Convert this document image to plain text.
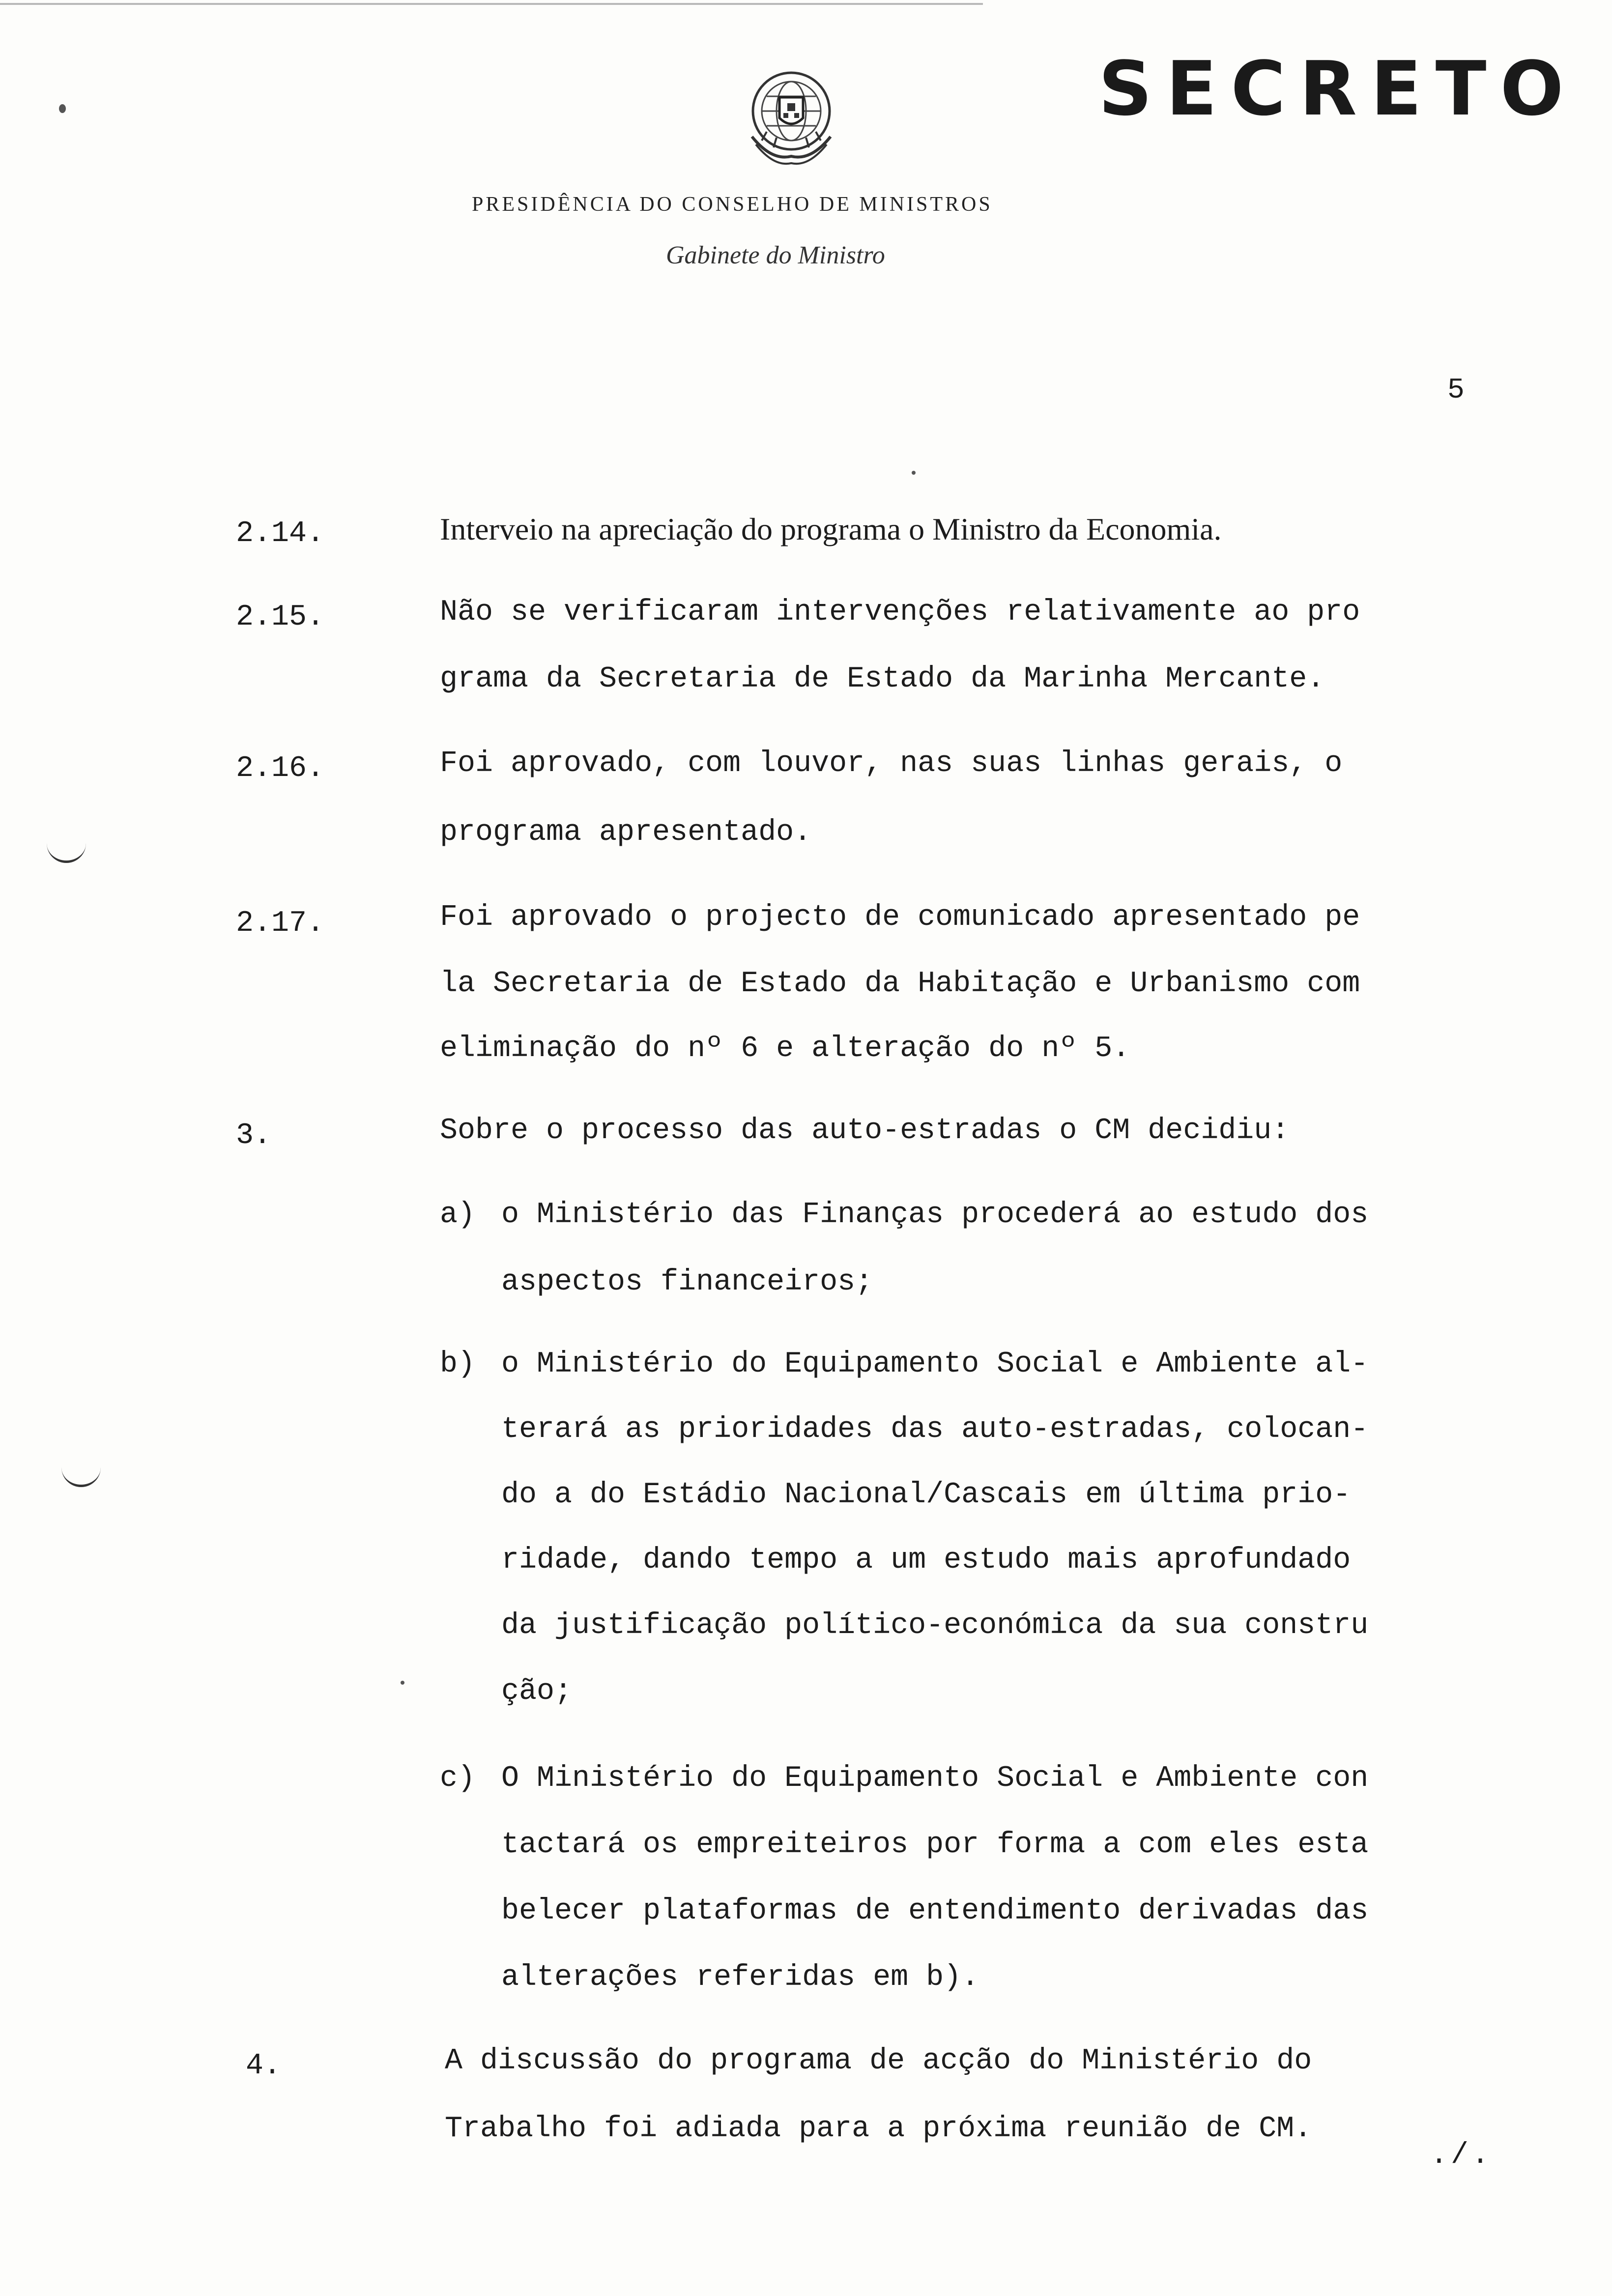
SECRETO
PRESIDÊNCIA DO CONSELHO DE MINISTROS
Gabinete do Ministro
5
2.14.	Interveio na apreciação do programa o Ministro da Economia.
2.15.	Não se verificaram intervenções relativamente ao pro
grama da Secretaria de Estado da Marinha Mercante.
2.16.	Foi aprovado, com louvor, nas suas linhas gerais, o
programa apresentado.
2.17.	Foi aprovado o projecto de comunicado apresentado pe
la Secretaria de Estado da Habitação e Urbanismo com
eliminação do nº 6 e alteração do nº 5.
3.	Sobre o processo das auto-estradas o CM decidiu:
a) o Ministério das Finanças procederá ao estudo dos
aspectos financeiros;
b) o Ministério do Equipamento Social e Ambiente al-
terará as prioridades das auto-estradas, colocan-
do a do Estádio Nacional/Cascais em última prio-
ridade, dando tempo a um estudo mais aprofundado
da justificação político-económica da sua constru
ção;
c) O Ministério do Equipamento Social e Ambiente con
tactará os empreiteiros por forma a com eles esta
belecer plataformas de entendimento derivadas das
alterações referidas em b).
4.	A discussão do programa de acção do Ministério do
Trabalho foi adiada para a próxima reunião de CM.
./.
